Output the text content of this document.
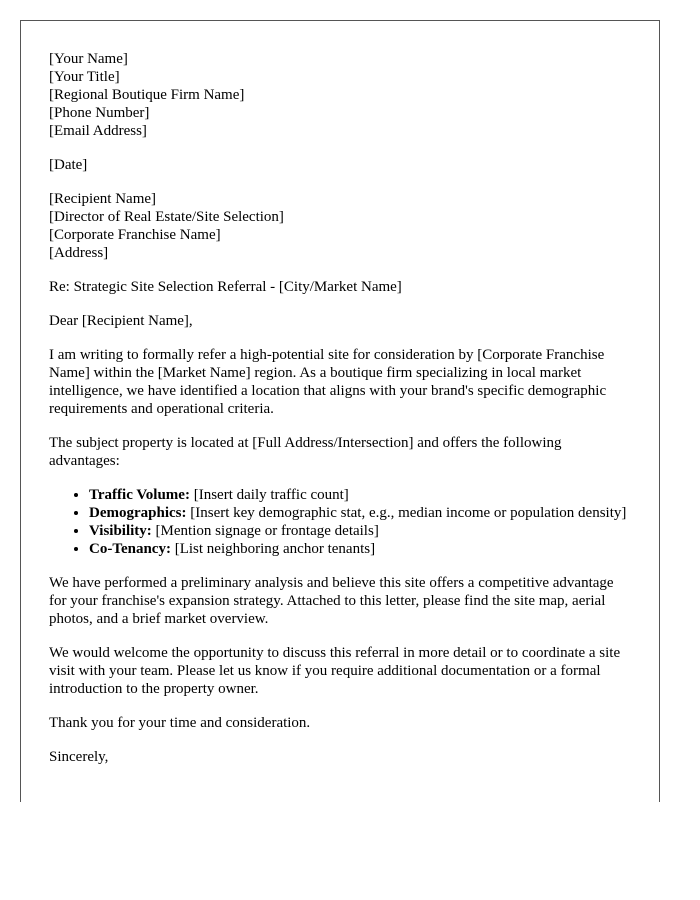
[Your Name]
[Your Title]
[Regional Boutique Firm Name]
[Phone Number]
[Email Address]
[Date]
[Recipient Name]
[Director of Real Estate/Site Selection]
[Corporate Franchise Name]
[Address]

Re: Strategic Site Selection Referral - [City/Market Name]

Dear [Recipient Name],

I am writing to formally refer a high-potential site for consideration by [Corporate Franchise Name] within the [Market Name] region. As a boutique firm specializing in local market intelligence, we have identified a location that aligns with your brand's specific demographic requirements and operational criteria.

The subject property is located at [Full Address/Intersection] and offers the following advantages:

• Traffic Volume: [Insert daily traffic count]
• Demographics: [Insert key demographic stat, e.g., median income or population density]
• Visibility: [Mention signage or frontage details]
• Co-Tenancy: [List neighboring anchor tenants]

We have performed a preliminary analysis and believe this site offers a competitive advantage for your franchise's expansion strategy. Attached to this letter, please find the site map, aerial photos, and a brief market overview.

We would welcome the opportunity to discuss this referral in more detail or to coordinate a site visit with your team. Please let us know if you require additional documentation or a formal introduction to the property owner.

Thank you for your time and consideration.

Sincerely,
